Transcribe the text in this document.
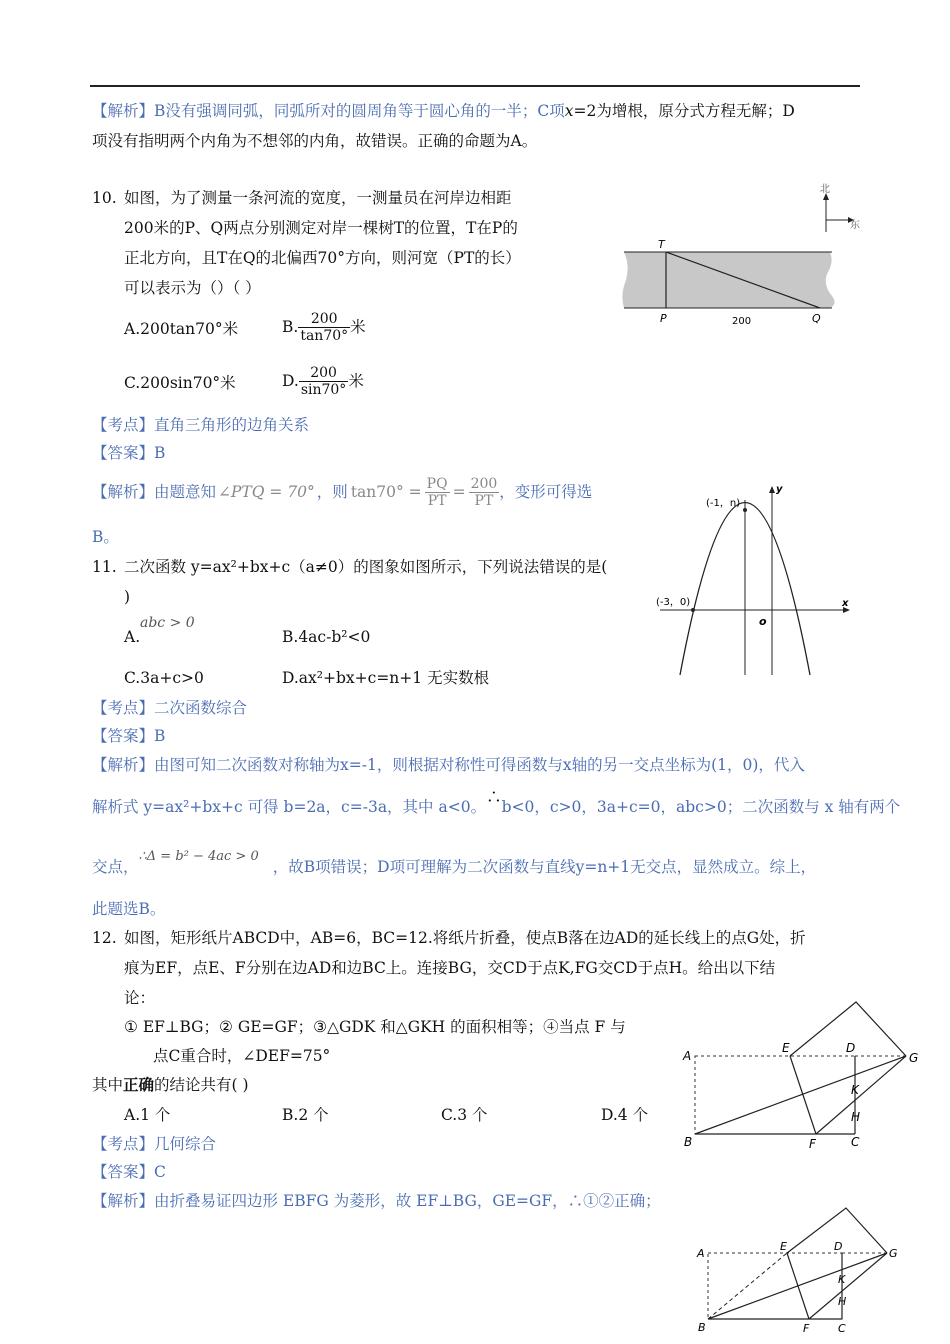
【解析】B没有强调同弧，同弧所对的圆周角等于圆心角的一半；C项x=2为增根，原分式方程无解；D
项没有指明两个内角为不想邻的内角，故错误。正确的命题为A。
10. 如图，为了测量一条河流的宽度，一测量员在河岸边相距
200米的P、Q两点分别测定对岸一棵树T的位置，T在P的
正北方向，且T在Q的北偏西70°方向，则河宽（PT的长）
可以表示为（）（ ）
A.200tan70°米	B. $\frac{200}{\tan 70^\circ}$ 米
C.200sin70°米	D. $\frac{200}{\sin 70^\circ}$ 米
【考点】直角三角形的边角关系
【答案】B
【解析】由题意知 ∠PTQ = 70° ，则 $\tan 70^\circ = \frac{PQ}{PT} = \frac{200}{PT}$ ，变形可得选
B。
北
东
T
P	200	Q
11. 二次函数 y=ax²+bx+c（a≠0）的图象如图所示，下列说法错误的是(
)
A.
abc > 0
B.4ac-b²<0
C.3a+c>0	D.ax²+bx+c=n+1 无实数根
【考点】二次函数综合
【答案】B
【解析】由图可知二次函数对称轴为x=-1，则根据对称性可得函数与x轴的另一交点坐标为(1，0)，代入
解析式 y=ax²+bx+c 可得 b=2a，c=-3a，其中 a<0。∴b<0，c>0，3a+c=0，abc>0；二次函数与 x 轴有两个
交点，$^{\therefore\Delta = b^2 - 4ac > 0}$，故B项错误；D项可理解为二次函数与直线y=n+1无交点，显然成立。综上，
此题选B。
(-1，n)
(-3，0)	x
y
o
12. 如图，矩形纸片ABCD中，AB=6，BC=12.将纸片折叠，使点B落在边AD的延长线上的点G处，折
痕为EF，点E、F分别在边AD和边BC上。连接BG，交CD于点K,FG交CD于点H。给出以下结
论：
① EF⊥BG；② GE=GF；③△GDK 和△GKH 的面积相等；④当点 F 与
点C重合时，∠DEF=75°
其中正确的结论共有( )
A.1 个	B.2 个	C.3 个	D.4 个
【考点】几何综合
【答案】C
【解析】由折叠易证四边形 EBFG 为菱形，故 EF⊥BG，GE=GF，∴①②正确；
A
B	C
D
E
F
G
H
K
A
B	C
D
E
F
G
H
K
